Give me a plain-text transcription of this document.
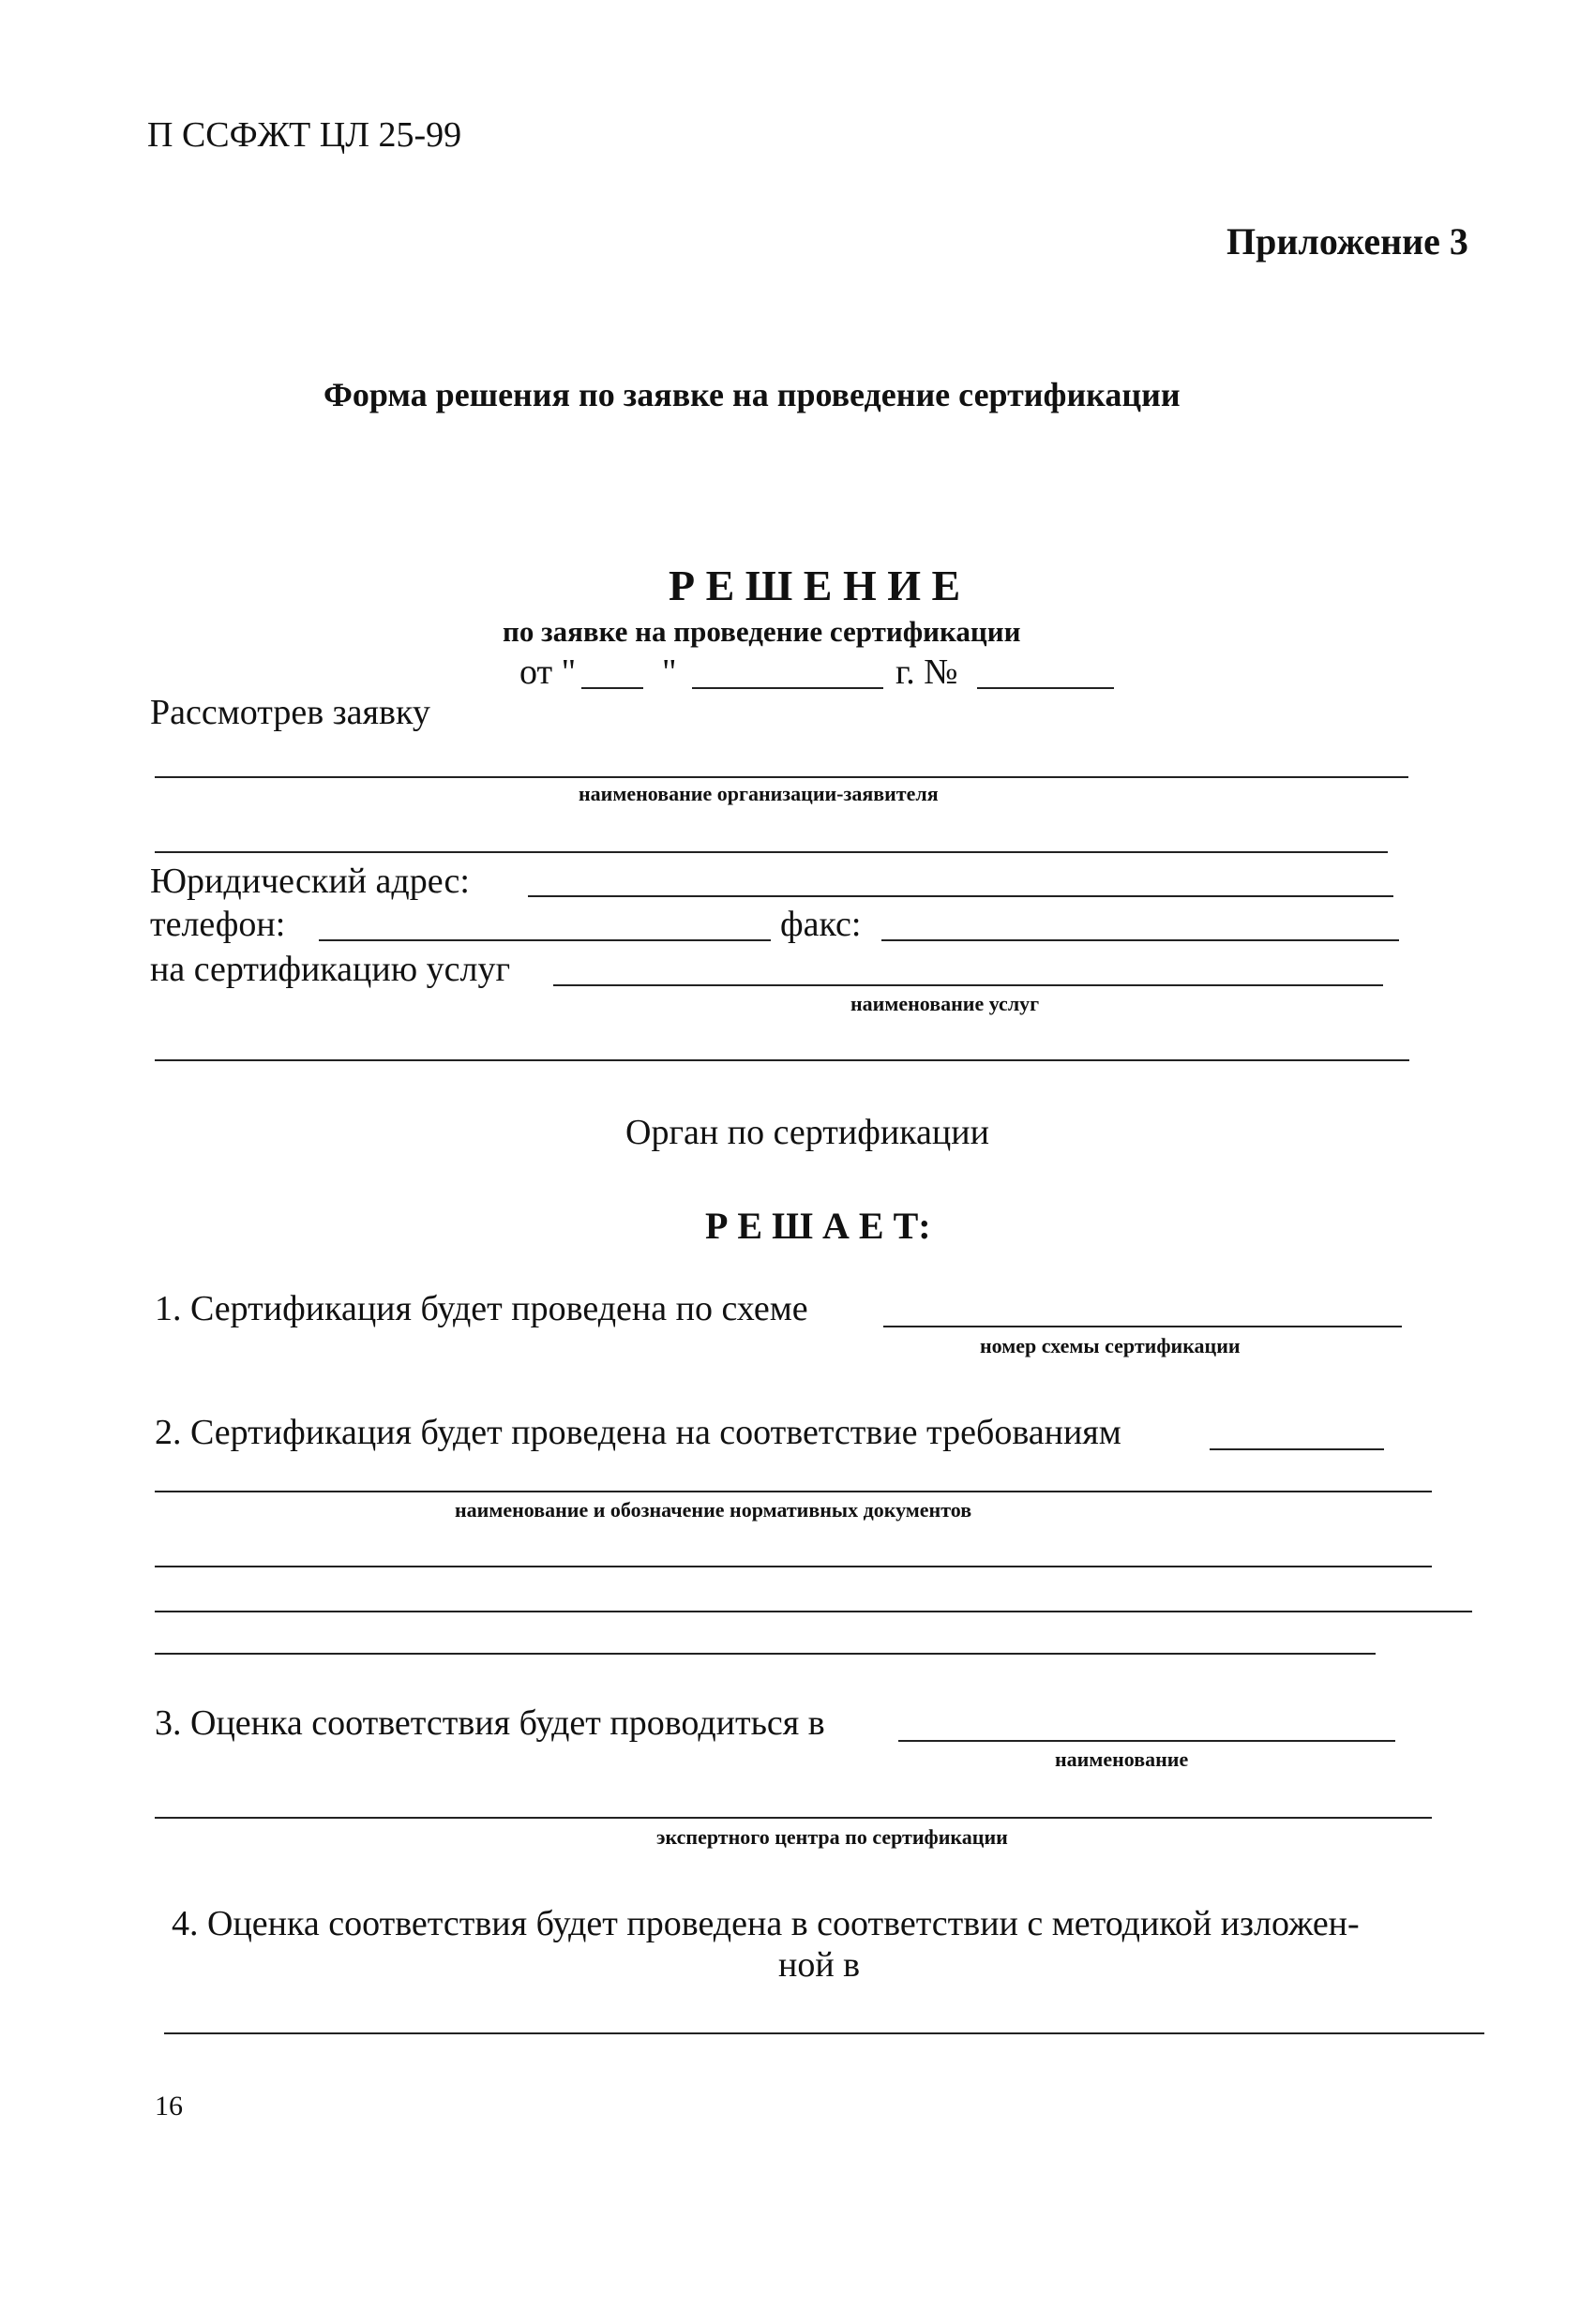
П ССФЖТ ЦЛ 25-99
Приложение 3
Форма решения по заявке на проведение сертификации
Р Е Ш Е Н И Е
по заявке на проведение сертификации
от " "	г. №
Рассмотрев заявку
наименование организации-заявителя
Юридический адрес:
телефон:	факс:
на сертификацию услуг
наименование услуг
Орган по сертификации
Р Е Ш А Е Т:
1. Сертификация будет проведена по схеме
номер схемы сертификации
2. Сертификация будет проведена на соответствие требованиям
наименование и обозначение нормативных документов
3. Оценка соответствия будет проводиться в
наименование
экспертного центра по сертификации
4. Оценка соответствия будет проведена в соответствии с методикой изложен-
ной в
16
